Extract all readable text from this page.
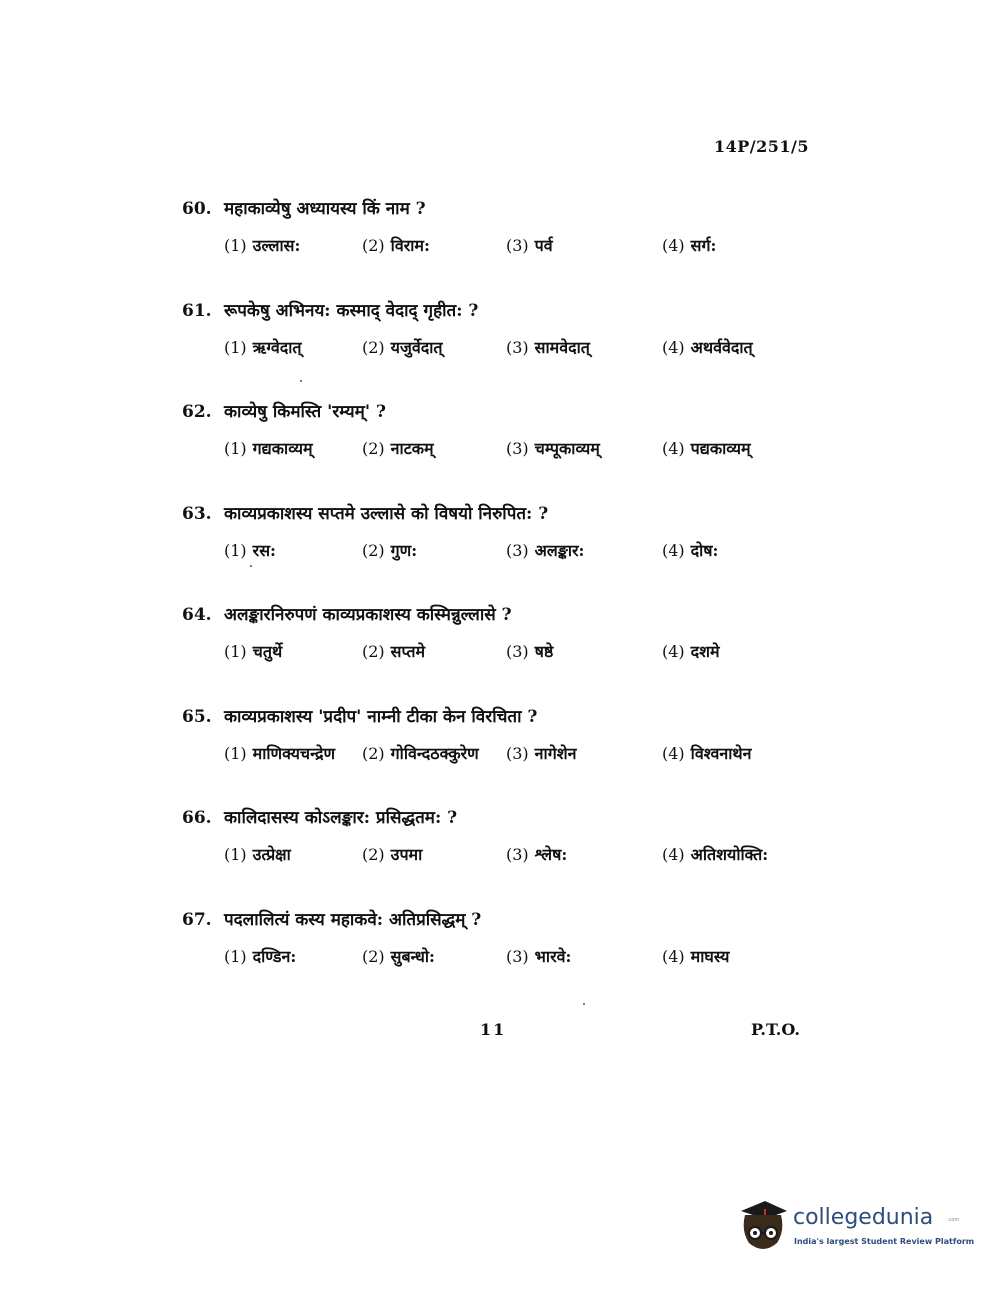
14P/251/5
60. महाकाव्येषु अध्यायस्य किं नाम ?
(1) उल्लास:	(2) विराम:	(3) पर्व	(4) सर्ग:
61. रूपकेषु अभिनय: कस्माद् वेदाद् गृहीत: ?
(1) ऋग्वेदात्	(2) यजुर्वेदात्	(3) सामवेदात्	(4) अथर्ववेदात्
62. काव्येषु किमस्ति 'रम्यम्' ?
(1) गद्यकाव्यम्	(2) नाटकम्	(3) चम्पूकाव्यम्	(4) पद्यकाव्यम्
63. काव्यप्रकाशस्य सप्तमे उल्लासे को विषयो निरुपित: ?
(1) रस:	(2) गुण:	(3) अलङ्कार:	(4) दोष:
64. अलङ्कारनिरुपणं काव्यप्रकाशस्य कस्मिन्नुल्लासे ?
(1) चतुर्थे	(2) सप्तमे	(3) षष्ठे	(4) दशमे
65. काव्यप्रकाशस्य 'प्रदीप' नाम्नी टीका केन विरचिता ?
(1) माणिक्यचन्द्रेण (2) गोविन्दठक्कुरेण (3) नागेशेन	(4) विश्वनाथेन
66. कालिदासस्य कोऽलङ्कार: प्रसिद्धतम: ?
(1) उत्प्रेक्षा	(2) उपमा	(3) श्लेष:	(4) अतिशयोक्ति:
67. पदलालित्यं कस्य महाकवे: अतिप्रसिद्धम् ?
(1) दण्डिन:	(2) सुबन्धो:	(3) भारवे:	(4) माघस्य
11	P.T.O.
collegedunia	.com
India's largest Student Review Platform
